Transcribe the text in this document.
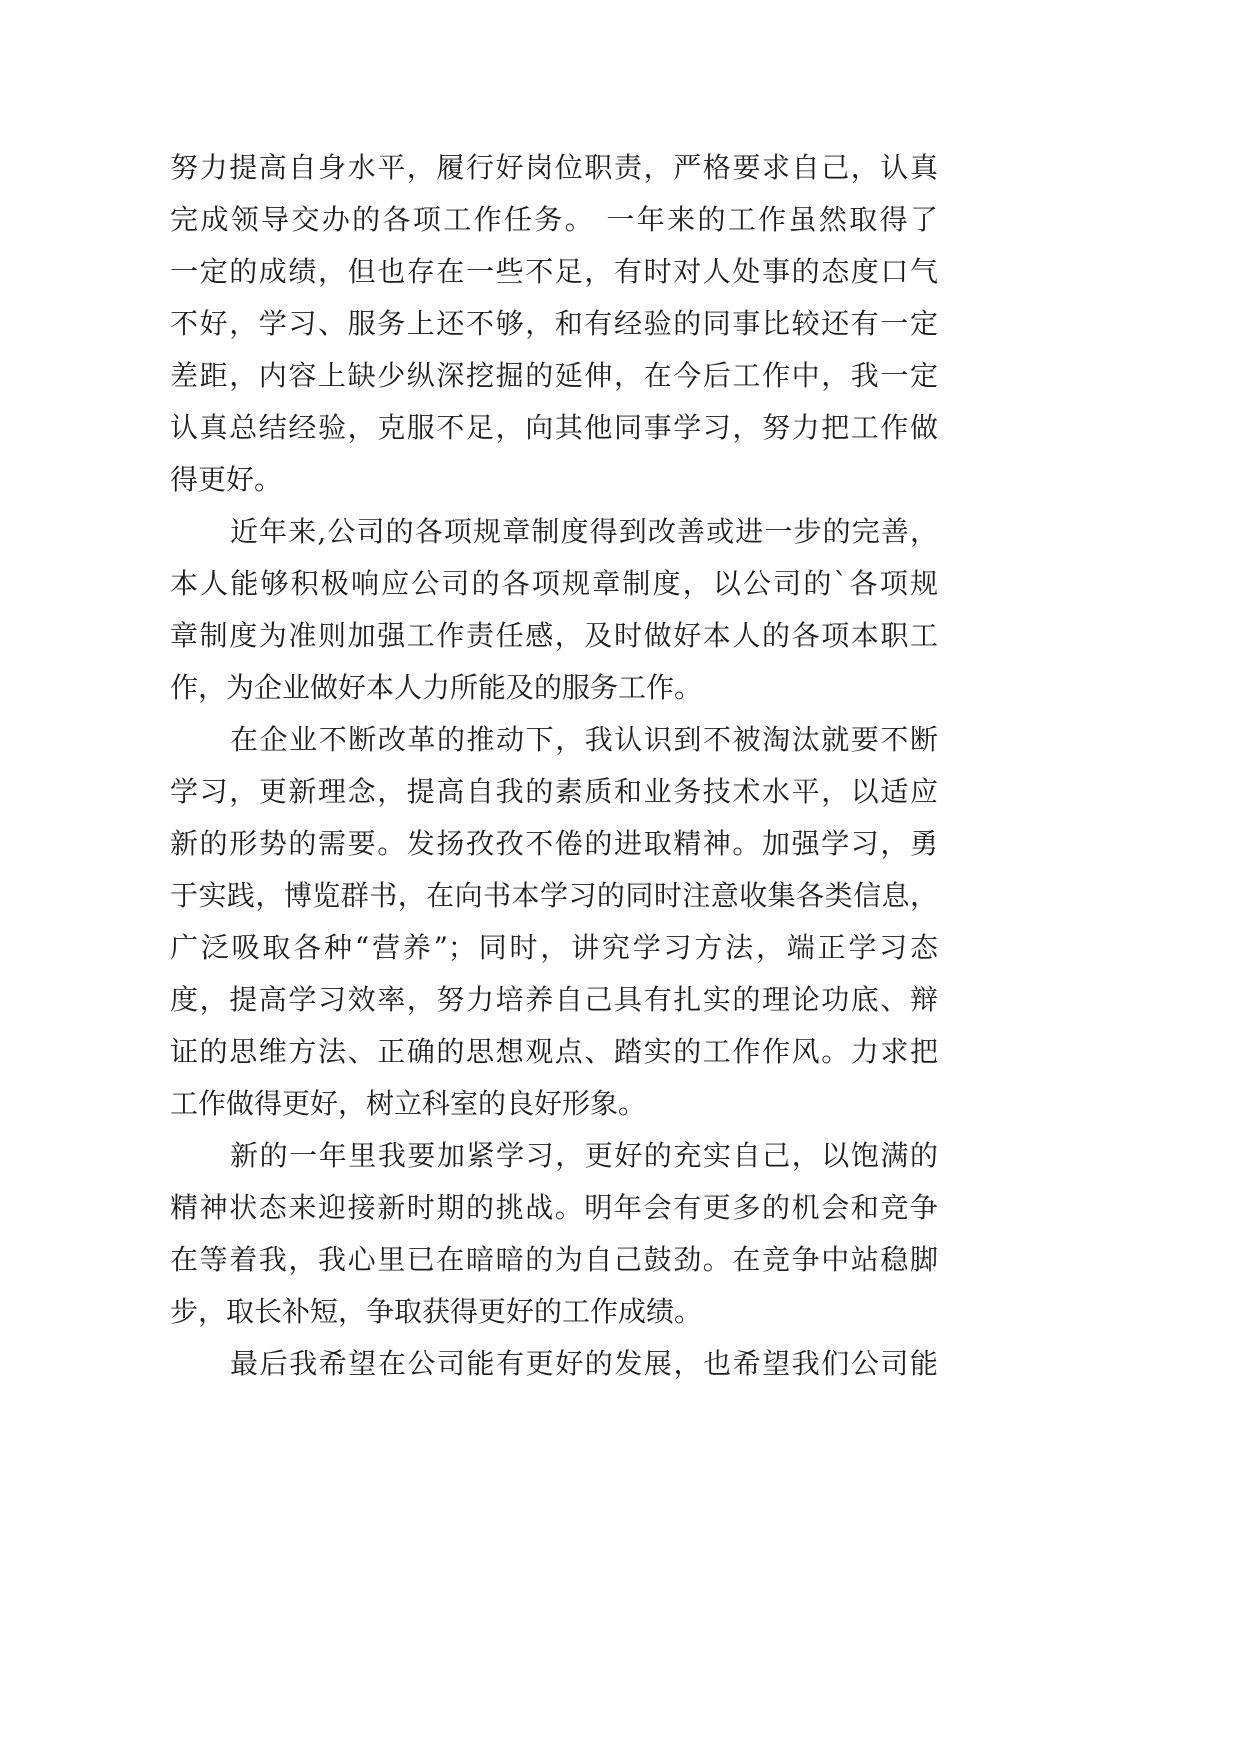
努力提高自身水平，履行好岗位职责，严格要求自己，认真
完成领导交办的各项工作任务。 一年来的工作虽然取得了
一定的成绩，但也存在一些不足，有时对人处事的态度口气
不好，学习、服务上还不够，和有经验的同事比较还有一定
差距，内容上缺少纵深挖掘的延伸，在今后工作中，我一定
认真总结经验，克服不足，向其他同事学习，努力把工作做
得更好。
近年来,公司的各项规章制度得到改善或进一步的完善，
本人能够积极响应公司的各项规章制度，以公司的`各项规
章制度为准则加强工作责任感，及时做好本人的各项本职工
作，为企业做好本人力所能及的服务工作。
在企业不断改革的推动下，我认识到不被淘汰就要不断
学习，更新理念，提高自我的素质和业务技术水平，以适应
新的形势的需要。发扬孜孜不倦的进取精神。加强学习，勇
于实践，博览群书，在向书本学习的同时注意收集各类信息，
广泛吸取各种“营养”；同时，讲究学习方法，端正学习态
度，提高学习效率，努力培养自己具有扎实的理论功底、辩
证的思维方法、正确的思想观点、踏实的工作作风。力求把
工作做得更好，树立科室的良好形象。
新的一年里我要加紧学习，更好的充实自己，以饱满的
精神状态来迎接新时期的挑战。明年会有更多的机会和竞争
在等着我，我心里已在暗暗的为自己鼓劲。在竞争中站稳脚
步，取长补短，争取获得更好的工作成绩。
最后我希望在公司能有更好的发展，也希望我们公司能
